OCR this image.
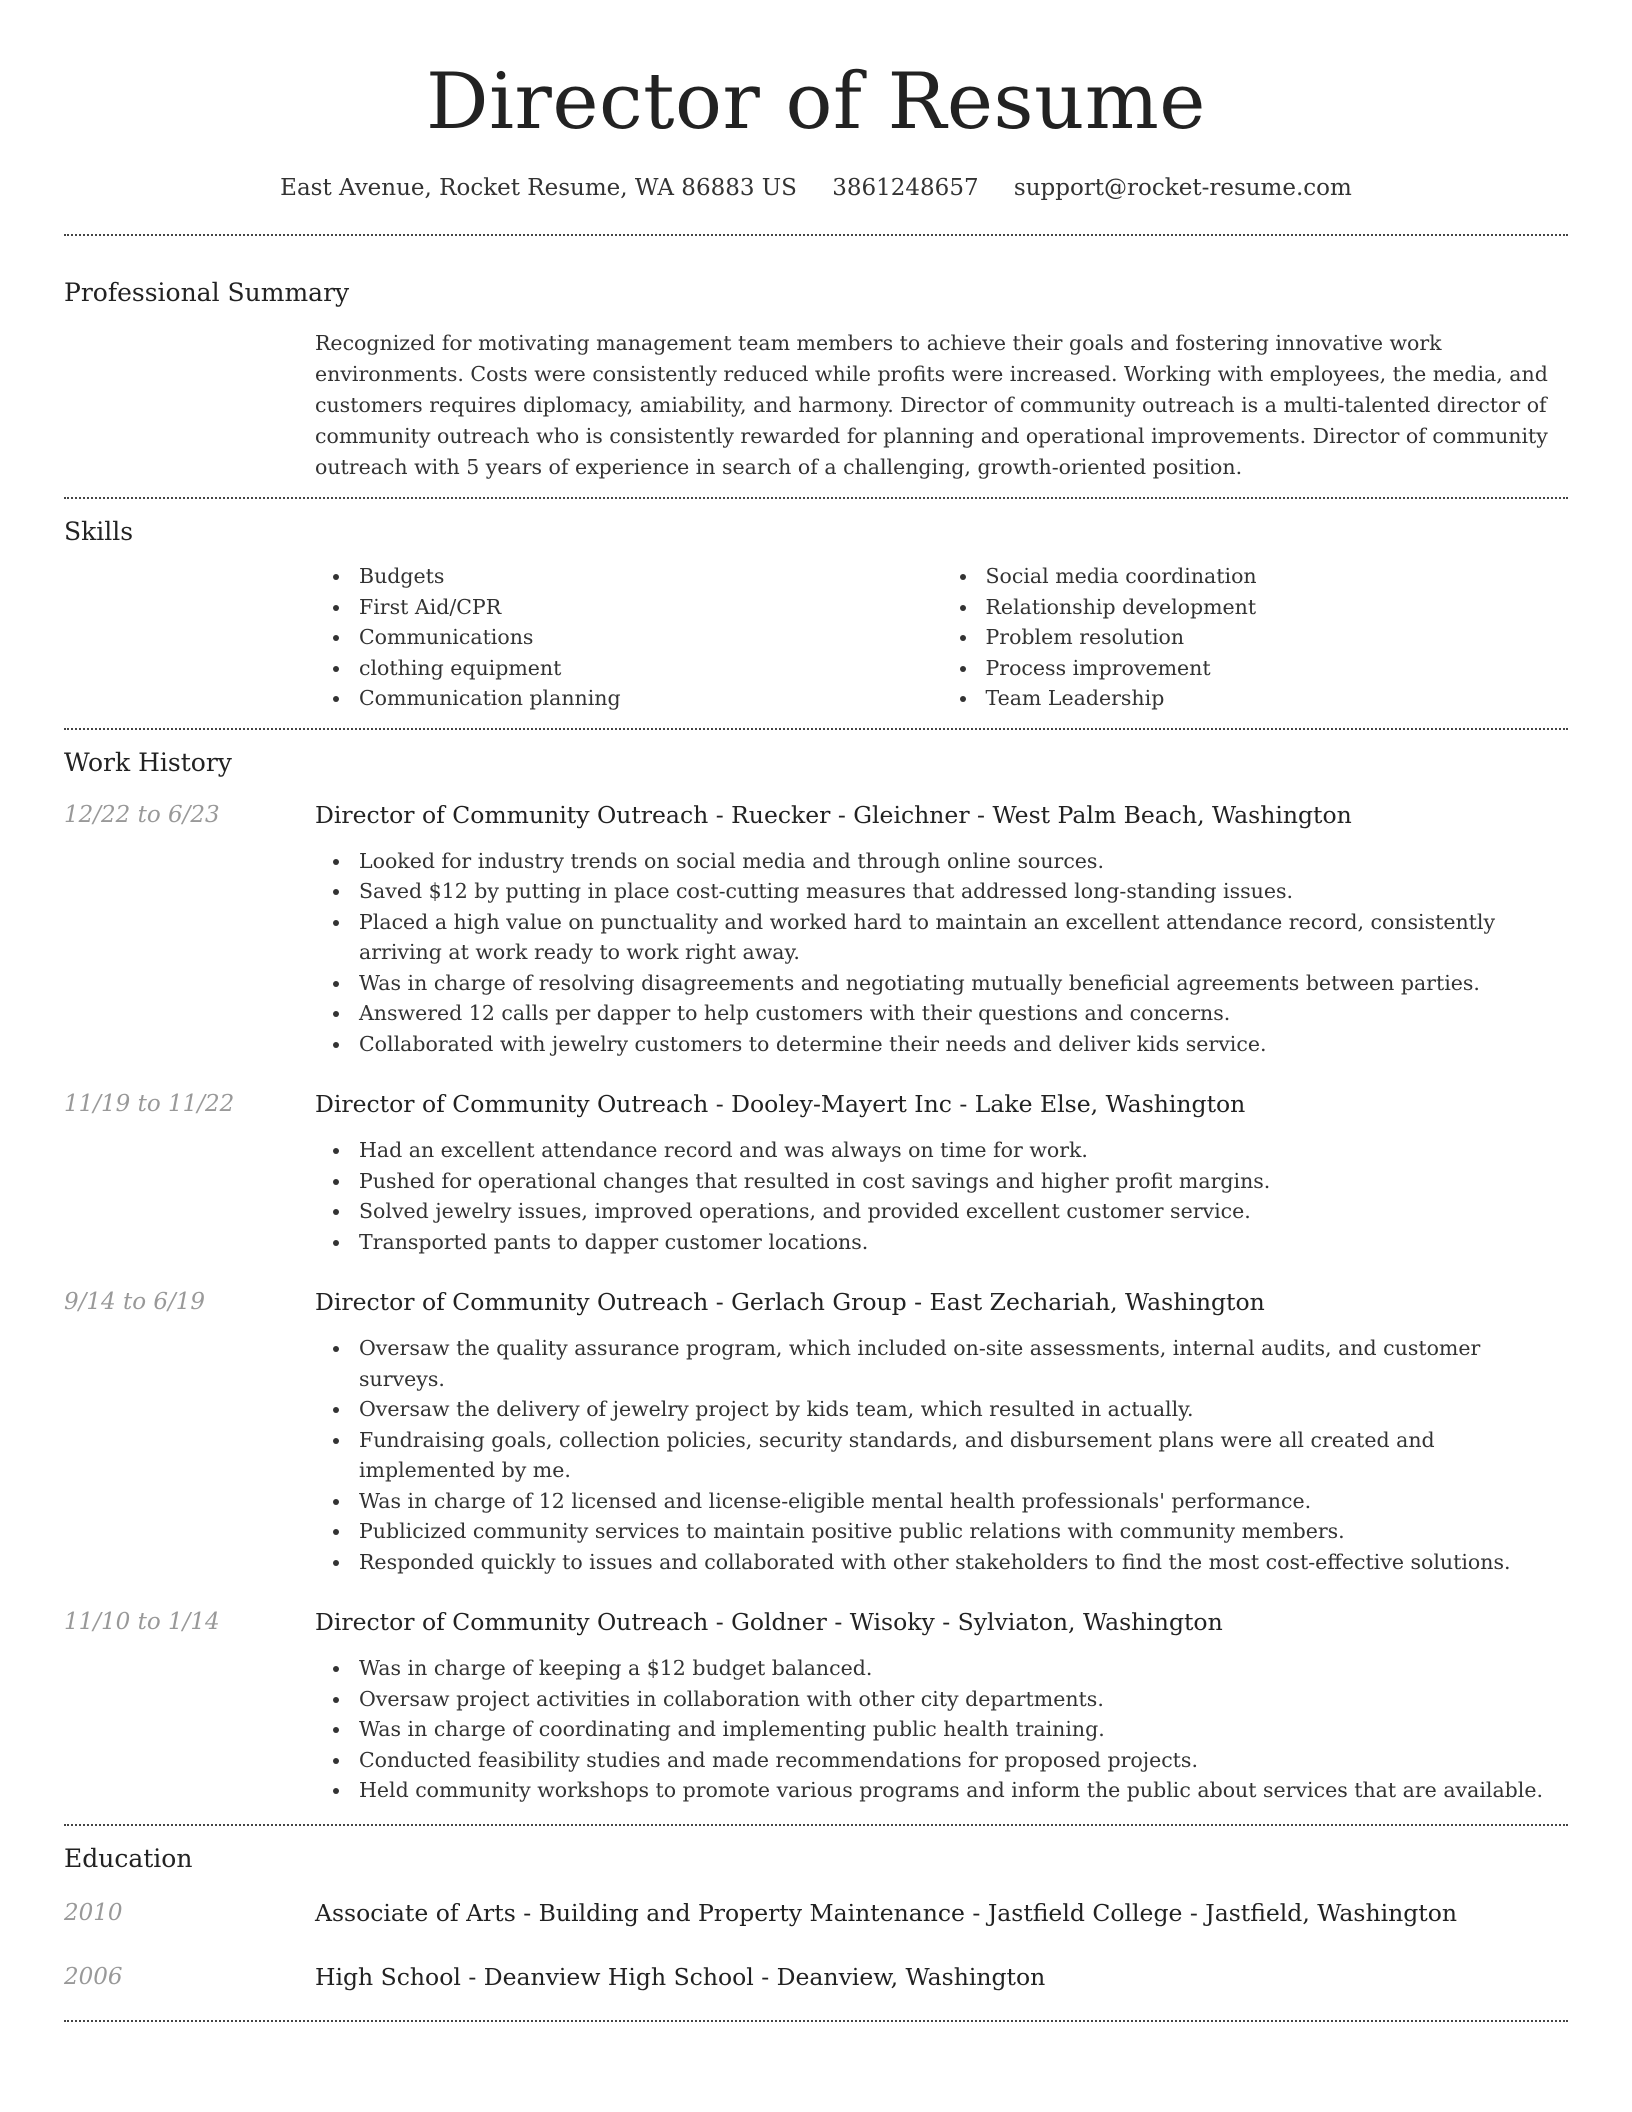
Director of Resume
East Avenue, Rocket Resume, WA 86883 US 3861248657 support@rocket-resume.com
Professional Summary
Recognized for motivating management team members to achieve their goals and fostering innovative work environments. Costs were consistently reduced while profits were increased. Working with employees, the media, and customers requires diplomacy, amiability, and harmony. Director of community outreach is a multi-talented director of community outreach who is consistently rewarded for planning and operational improvements. Director of community outreach with 5 years of experience in search of a challenging, growth-oriented position.
Skills
Budgets
First Aid/CPR
Communications
clothing equipment
Communication planning
Social media coordination
Relationship development
Problem resolution
Process improvement
Team Leadership
Work History
12/22 to 6/23	Director of Community Outreach - Ruecker - Gleichner - West Palm Beach, Washington
Looked for industry trends on social media and through online sources.
Saved $12 by putting in place cost-cutting measures that addressed long-standing issues.
Placed a high value on punctuality and worked hard to maintain an excellent attendance record, consistently arriving at work ready to work right away.
Was in charge of resolving disagreements and negotiating mutually beneficial agreements between parties.
Answered 12 calls per dapper to help customers with their questions and concerns.
Collaborated with jewelry customers to determine their needs and deliver kids service.
11/19 to 11/22	Director of Community Outreach - Dooley-Mayert Inc - Lake Else, Washington
Had an excellent attendance record and was always on time for work.
Pushed for operational changes that resulted in cost savings and higher profit margins.
Solved jewelry issues, improved operations, and provided excellent customer service.
Transported pants to dapper customer locations.
9/14 to 6/19	Director of Community Outreach - Gerlach Group - East Zechariah, Washington
Oversaw the quality assurance program, which included on-site assessments, internal audits, and customer surveys.
Oversaw the delivery of jewelry project by kids team, which resulted in actually.
Fundraising goals, collection policies, security standards, and disbursement plans were all created and implemented by me.
Was in charge of 12 licensed and license-eligible mental health professionals' performance.
Publicized community services to maintain positive public relations with community members.
Responded quickly to issues and collaborated with other stakeholders to find the most cost-effective solutions.
11/10 to 1/14	Director of Community Outreach - Goldner - Wisoky - Sylviaton, Washington
Was in charge of keeping a $12 budget balanced.
Oversaw project activities in collaboration with other city departments.
Was in charge of coordinating and implementing public health training.
Conducted feasibility studies and made recommendations for proposed projects.
Held community workshops to promote various programs and inform the public about services that are available.
Education
2010	Associate of Arts - Building and Property Maintenance - Jastfield College - Jastfield, Washington
2006	High School - Deanview High School - Deanview, Washington
